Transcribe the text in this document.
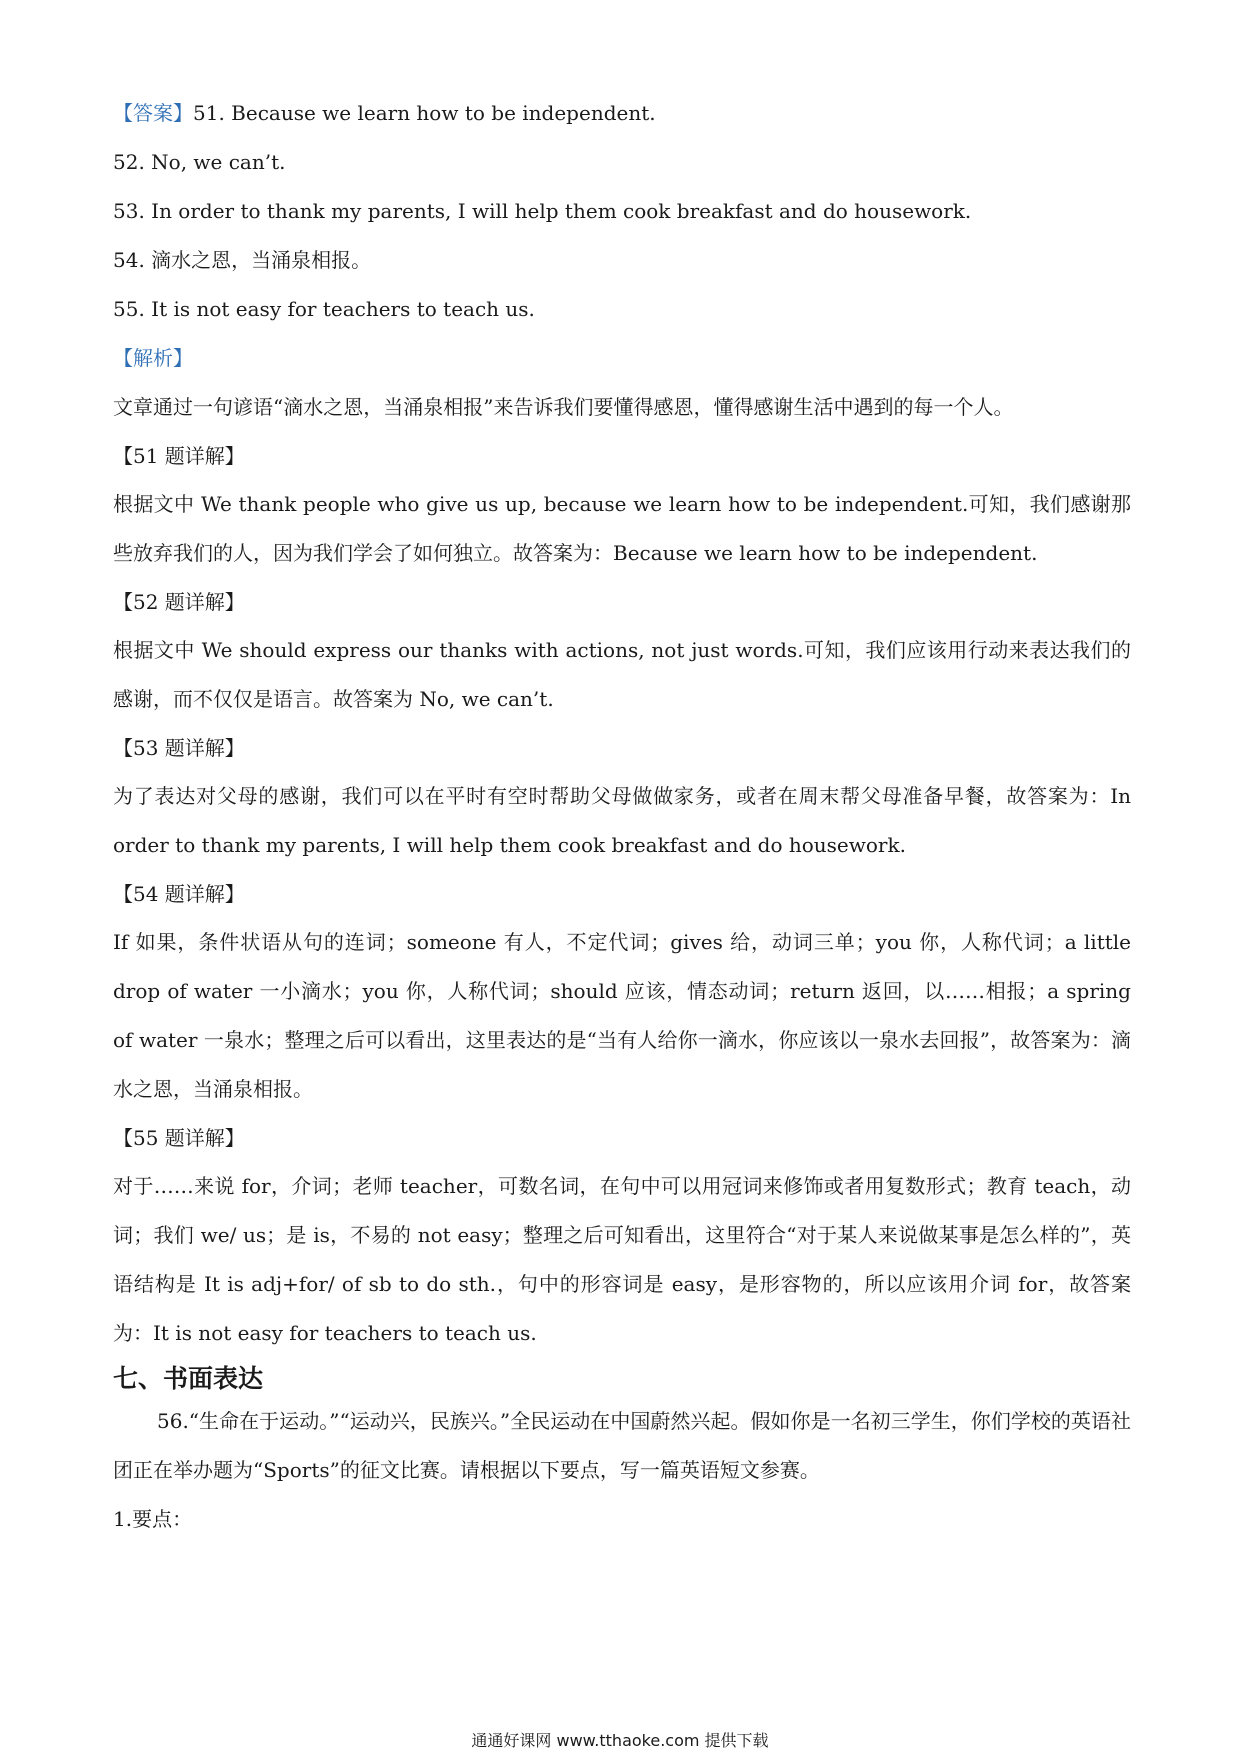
【答案】51. Because we learn how to be independent.
52. No, we can’t.
53. In order to thank my parents, I will help them cook breakfast and do housework.
54. 滴水之恩，当涌泉相报。
55. It is not easy for teachers to teach us.
【解析】
文章通过一句谚语“滴水之恩，当涌泉相报”来告诉我们要懂得感恩，懂得感谢生活中遇到的每一个人。
【51 题详解】
根据文中 We thank people who give us up, because we learn how to be independent.可知，我们感谢那些放弃我们的人，因为我们学会了如何独立。故答案为：Because we learn how to be independent.
【52 题详解】
根据文中 We should express our thanks with actions, not just words.可知，我们应该用行动来表达我们的感谢，而不仅仅是语言。故答案为 No, we can’t.
【53 题详解】
为了表达对父母的感谢，我们可以在平时有空时帮助父母做做家务，或者在周末帮父母准备早餐，故答案为：In order to thank my parents, I will help them cook breakfast and do housework.
【54 题详解】
If 如果，条件状语从句的连词；someone 有人，不定代词；gives 给，动词三单；you 你，人称代词；a little drop of water 一小滴水；you 你，人称代词；should 应该，情态动词；return 返回，以……相报；a spring of water 一泉水；整理之后可以看出，这里表达的是“当有人给你一滴水，你应该以一泉水去回报”，故答案为：滴水之恩，当涌泉相报。
【55 题详解】
对于……来说 for，介词；老师 teacher，可数名词，在句中可以用冠词来修饰或者用复数形式；教育 teach，动词；我们 we/ us；是 is，不易的 not easy；整理之后可知看出，这里符合“对于某人来说做某事是怎么样的”，英语结构是 It is adj+for/ of sb to do sth.，句中的形容词是 easy，是形容物的，所以应该用介词 for，故答案为：It is not easy for teachers to teach us.
七、书面表达
56.“生命在于运动。”“运动兴，民族兴。”全民运动在中国蔚然兴起。假如你是一名初三学生，你们学校的英语社团正在举办题为“Sports”的征文比赛。请根据以下要点，写一篇英语短文参赛。
1.要点：
通通好课网 www.tthaoke.com 提供下载
